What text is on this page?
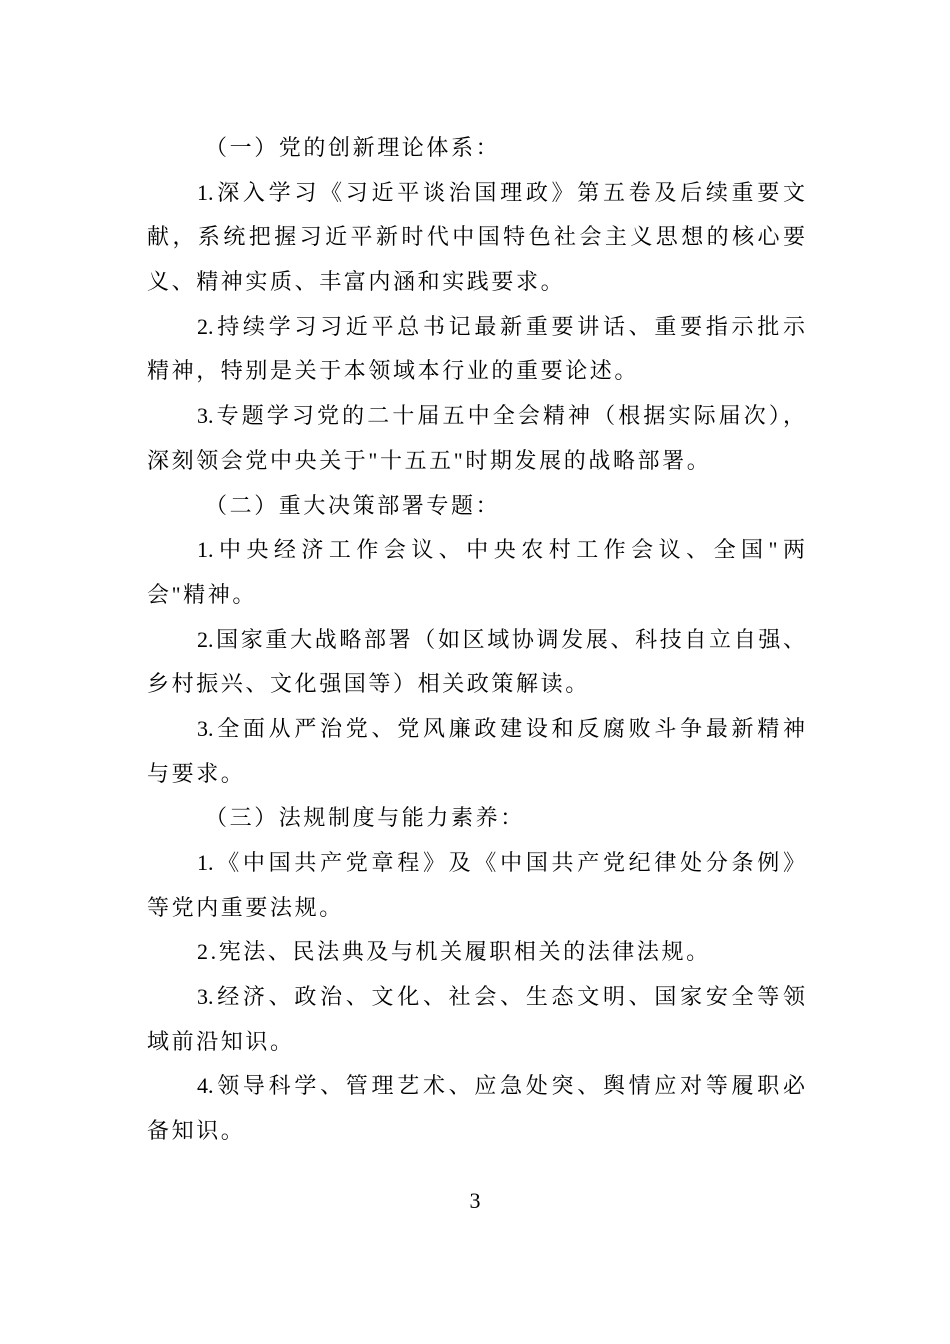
（一）党的创新理论体系：
1.深入学习《习近平谈治国理政》第五卷及后续重要文
献，系统把握习近平新时代中国特色社会主义思想的核心要
义、精神实质、丰富内涵和实践要求。
2.持续学习习近平总书记最新重要讲话、重要指示批示
精神，特别是关于本领域本行业的重要论述。
3.专题学习党的二十届五中全会精神（根据实际届次），
深刻领会党中央关于"十五五"时期发展的战略部署。
（二）重大决策部署专题：
1.中央经济工作会议、中央农村工作会议、全国"两
会"精神。
2.国家重大战略部署（如区域协调发展、科技自立自强、
乡村振兴、文化强国等）相关政策解读。
3.全面从严治党、党风廉政建设和反腐败斗争最新精神
与要求。
（三）法规制度与能力素养：
1.《中国共产党章程》及《中国共产党纪律处分条例》
等党内重要法规。
2.宪法、民法典及与机关履职相关的法律法规。
3.经济、政治、文化、社会、生态文明、国家安全等领
域前沿知识。
4.领导科学、管理艺术、应急处突、舆情应对等履职必
备知识。
3
